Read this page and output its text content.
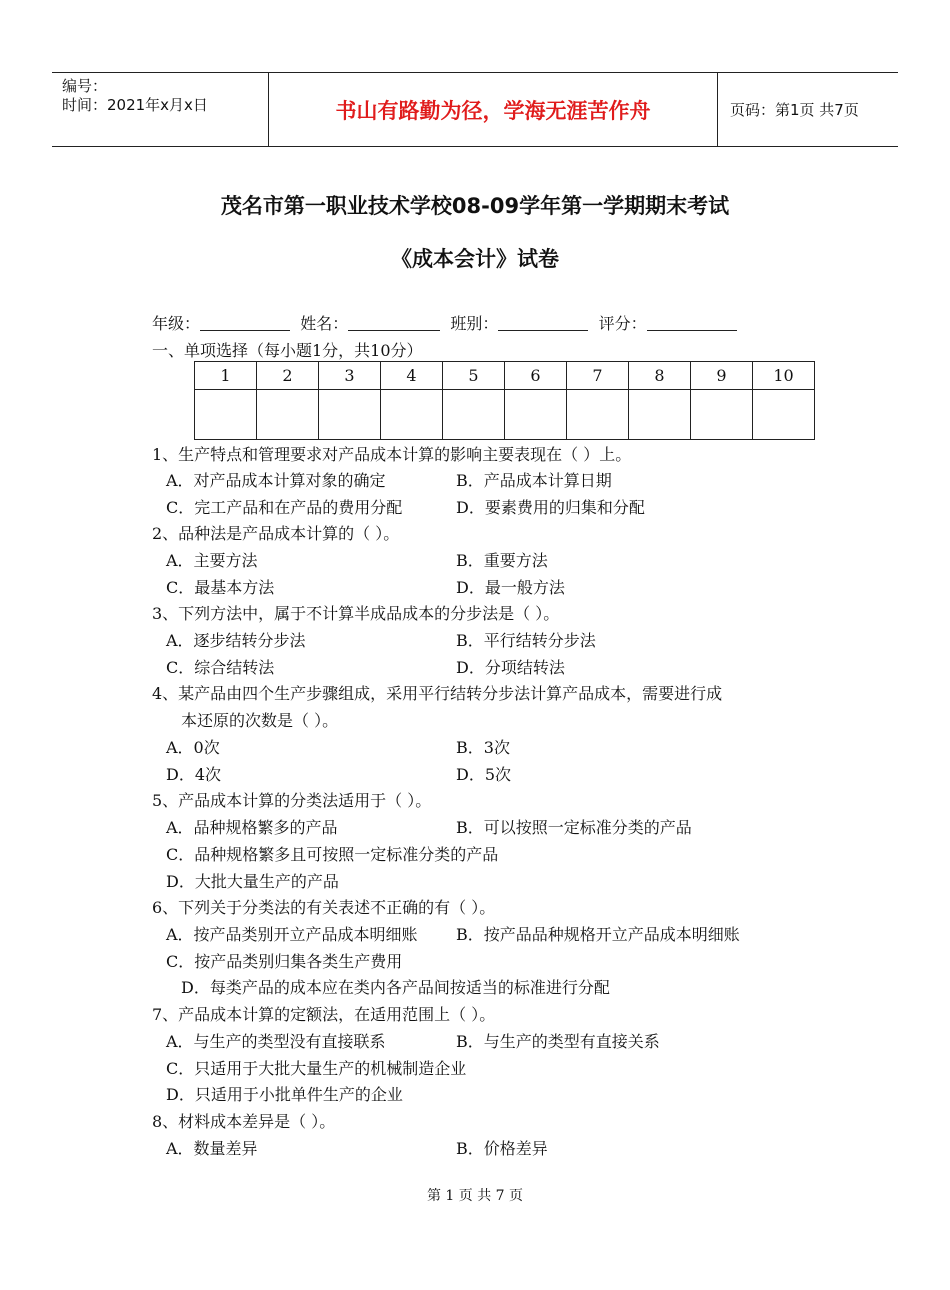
编号：
时间：2021年x月x日	书山有路勤为径，学海无涯苦作舟	页码：第1页 共7页
茂名市第一职业技术学校08-09学年第一学期期末考试
《成本会计》试卷
年级：	姓名：	班别：	评分：
一、单项选择（每小题1分，共10分）
1	2	3	4	5	6	7	8	9	10

1、生产特点和管理要求对产品成本计算的影响主要表现在（ ）上。
A．对产品成本计算对象的确定	B．产品成本计算日期
C．完工产品和在产品的费用分配	D．要素费用的归集和分配
2、品种法是产品成本计算的（ ）。
A．主要方法	B．重要方法
C．最基本方法	D．最一般方法
3、下列方法中，属于不计算半成品成本的分步法是（ ）。
A．逐步结转分步法	B．平行结转分步法
C．综合结转法	D．分项结转法
4、某产品由四个生产步骤组成，采用平行结转分步法计算产品成本，需要进行成
本还原的次数是（ ）。
A．0次	B．3次
D．4次	D．5次
5、产品成本计算的分类法适用于（ ）。
A．品种规格繁多的产品	B．可以按照一定标准分类的产品
C．品种规格繁多且可按照一定标准分类的产品
D．大批大量生产的产品
6、下列关于分类法的有关表述不正确的有（ ）。
A．按产品类别开立产品成本明细账 B．按产品品种规格开立产品成本明细账
C．按产品类别归集各类生产费用
D．每类产品的成本应在类内各产品间按适当的标准进行分配
7、产品成本计算的定额法，在适用范围上（ ）。
A．与生产的类型没有直接联系	B．与生产的类型有直接关系
C．只适用于大批大量生产的机械制造企业
D．只适用于小批单件生产的企业
8、材料成本差异是（ ）。
A．数量差异	B．价格差异
第 1 页 共 7 页
